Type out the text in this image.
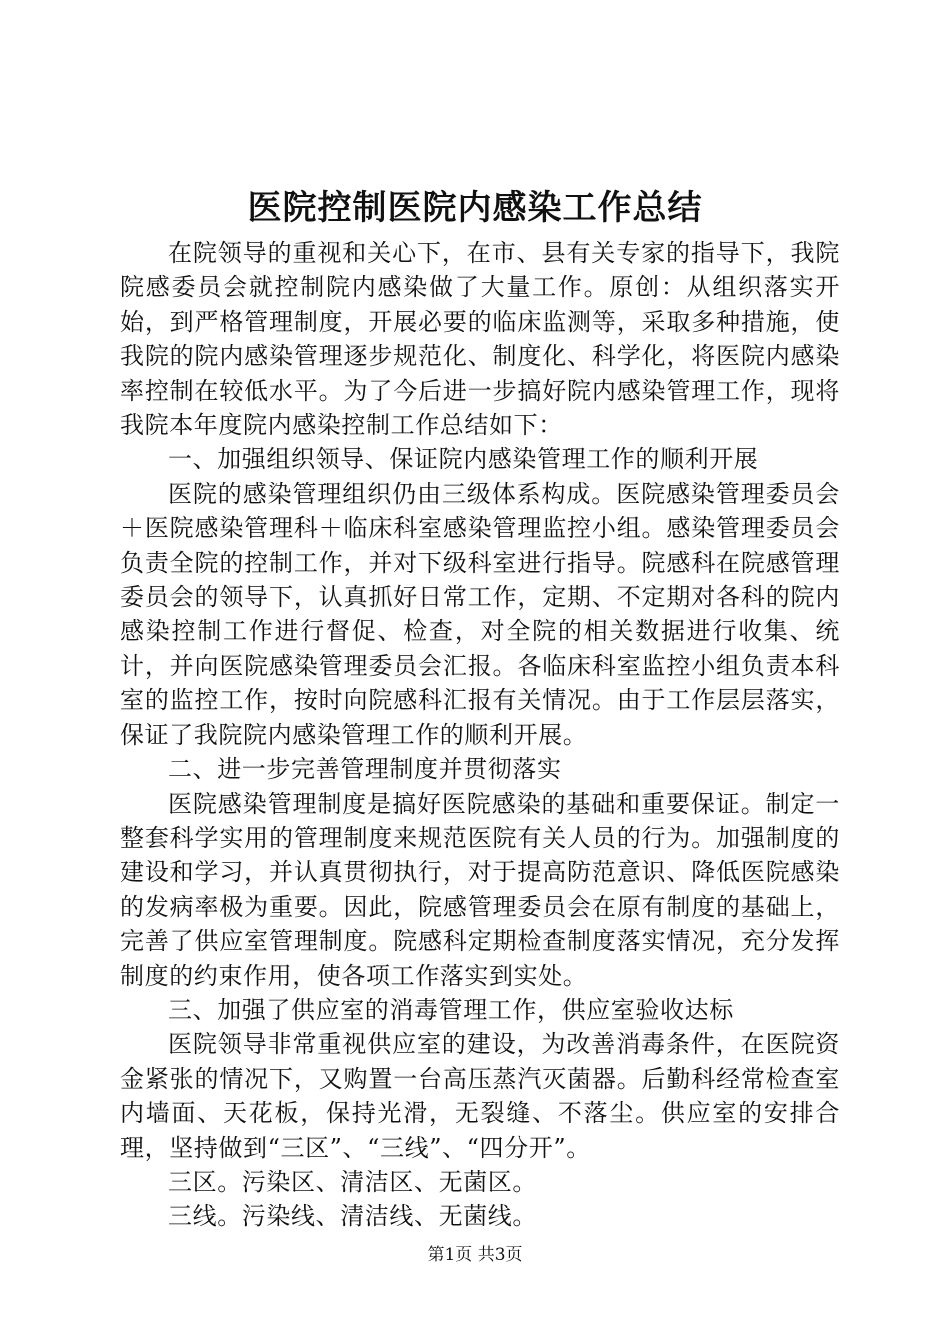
医院控制医院内感染工作总结

在院领导的重视和关心下，在市、县有关专家的指导下，我院院感委员会就控制院内感染做了大量工作。原创：从组织落实开始，到严格管理制度，开展必要的临床监测等，采取多种措施，使我院的院内感染管理逐步规范化、制度化、科学化，将医院内感染率控制在较低水平。为了今后进一步搞好院内感染管理工作，现将我院本年度院内感染控制工作总结如下：

一、加强组织领导、保证院内感染管理工作的顺利开展

医院的感染管理组织仍由三级体系构成。医院感染管理委员会＋医院感染管理科＋临床科室感染管理监控小组。感染管理委员会负责全院的控制工作，并对下级科室进行指导。院感科在院感管理委员会的领导下，认真抓好日常工作，定期、不定期对各科的院内感染控制工作进行督促、检查，对全院的相关数据进行收集、统计，并向医院感染管理委员会汇报。各临床科室监控小组负责本科室的监控工作，按时向院感科汇报有关情况。由于工作层层落实，保证了我院院内感染管理工作的顺利开展。

二、进一步完善管理制度并贯彻落实

医院感染管理制度是搞好医院感染的基础和重要保证。制定一整套科学实用的管理制度来规范医院有关人员的行为。加强制度的建设和学习，并认真贯彻执行，对于提高防范意识、降低医院感染的发病率极为重要。因此，院感管理委员会在原有制度的基础上，完善了供应室管理制度。院感科定期检查制度落实情况，充分发挥制度的约束作用，使各项工作落实到实处。

三、加强了供应室的消毒管理工作，供应室验收达标

医院领导非常重视供应室的建设，为改善消毒条件，在医院资金紧张的情况下，又购置一台高压蒸汽灭菌器。后勤科经常检查室内墙面、天花板，保持光滑，无裂缝、不落尘。供应室的安排合理，坚持做到“三区”、“三线”、“四分开”。

三区。污染区、清洁区、无菌区。

三线。污染线、清洁线、无菌线。

第1页 共3页
